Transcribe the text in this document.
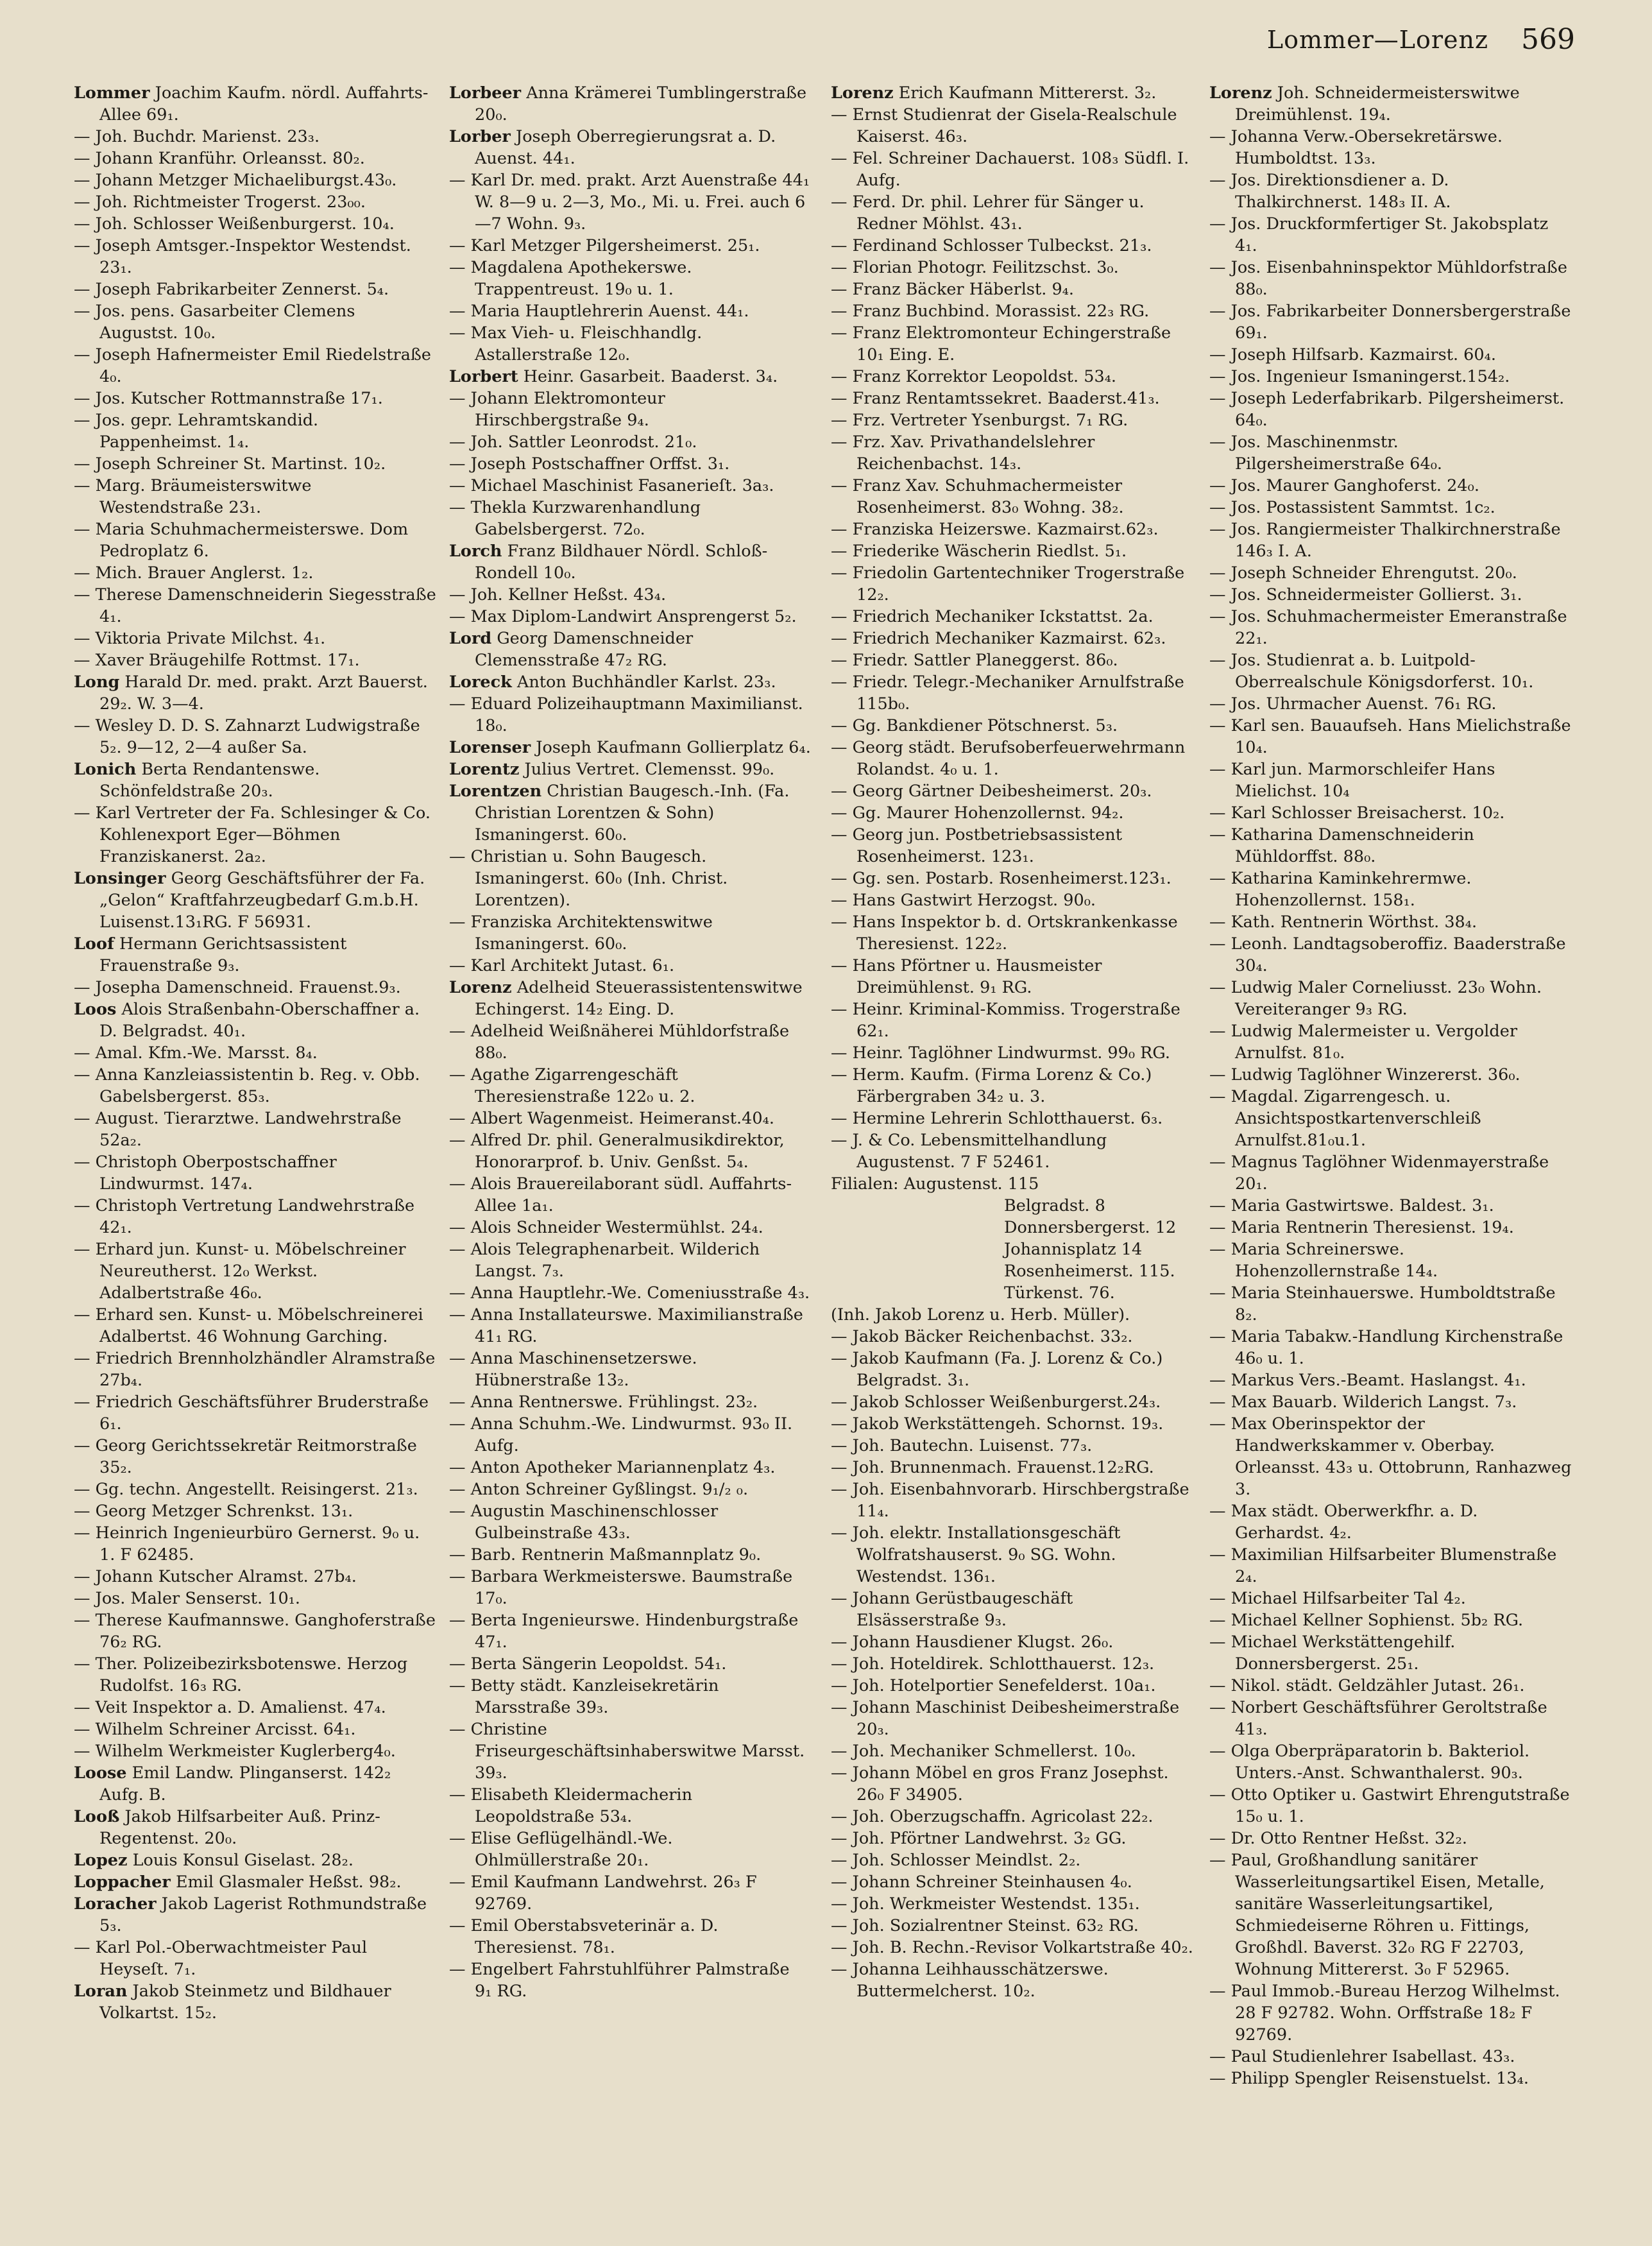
Lommer—Lorenz 569

Lommer Joachim Kaufm. nördl. Auffahrts-Allee 69₁.

— Joh. Buchdr. Marienst. 23₃.

— Johann Kranführ. Orleansst. 80₂.

— Johann Metzger Michaeliburgst.43₀.

— Joh. Richtmeister Trogerst. 23₀₀.

— Joh. Schlosser Weißenburgerst. 10₄.

— Joseph Amtsger.-Inspektor Westendst. 23₁.

— Joseph Fabrikarbeiter Zennerst. 5₄.

— Jos. pens. Gasarbeiter Clemens Augustst. 10₀.

— Joseph Hafnermeister Emil Riedelstraße 4₀.

— Jos. Kutscher Rottmannstraße 17₁.

— Jos. gepr. Lehramtskandid. Pappenheimst. 1₄.

— Joseph Schreiner St. Martinst. 10₂.

— Marg. Bräumeisterswitwe Westendstraße 23₁.

— Maria Schuhmachermeisterswe. Dom Pedroplatz 6.

— Mich. Brauer Anglerst. 1₂.

— Therese Damenschneiderin Siegesstraße 4₁.

— Viktoria Private Milchst. 4₁.

— Xaver Bräugehilfe Rottmst. 17₁.

Long Harald Dr. med. prakt. Arzt Bauerst. 29₂. W. 3—4.

— Wesley D. D. S. Zahnarzt Ludwigstraße 5₂. 9—12, 2—4 außer Sa.

Lonich Berta Rendantenswe. Schönfeldstraße 20₃.

— Karl Vertreter der Fa. Schlesinger & Co. Kohlenexport Eger—Böhmen Franziskanerst. 2a₂.

Lonsinger Georg Geschäftsführer der Fa. „Gelon“ Kraftfahrzeugbedarf G.m.b.H. Luisenst.13₁RG. F 56931.

Loof Hermann Gerichtsassistent Frauenstraße 9₃.

— Josepha Damenschneid. Frauenst.9₃.

Loos Alois Straßenbahn-Oberschaffner a. D. Belgradst. 40₁.

— Amal. Kfm.-We. Marsst. 8₄.

— Anna Kanzleiassistentin b. Reg. v. Obb. Gabelsbergerst. 85₃.

— August. Tierarztwe. Landwehrstraße 52a₂.

— Christoph Oberpostschaffner Lindwurmst. 147₄.

— Christoph Vertretung Landwehrstraße 42₁.

— Erhard jun. Kunst- u. Möbelschreiner Neureutherst. 12₀ Werkst. Adalbertstraße 46₀.

— Erhard sen. Kunst- u. Möbelschreinerei Adalbertst. 46 Wohnung Garching.

— Friedrich Brennholzhändler Alramstraße 27b₄.

— Friedrich Geschäftsführer Bruderstraße 6₁.

— Georg Gerichtssekretär Reitmorstraße 35₂.

— Gg. techn. Angestellt. Reisingerst. 21₃.

— Georg Metzger Schrenkst. 13₁.

— Heinrich Ingenieurbüro Gernerst. 9₀ u. 1. F 62485.

— Johann Kutscher Alramst. 27b₄.

— Jos. Maler Senserst. 10₁.

— Therese Kaufmannswe. Ganghoferstraße 76₂ RG.

— Ther. Polizeibezirksbotenswe. Herzog Rudolfst. 16₃ RG.

— Veit Inspektor a. D. Amalienst. 47₄.

— Wilhelm Schreiner Arcisst. 64₁.

— Wilhelm Werkmeister Kuglerberg4₀.

Loose Emil Landw. Plinganserst. 142₂ Aufg. B.

Looß Jakob Hilfsarbeiter Auß. Prinz-Regentenst. 20₀.

Lopez Louis Konsul Giselast. 28₂.

Loppacher Emil Glasmaler Heßst. 98₂.

Loracher Jakob Lagerist Rothmundstraße 5₃.

— Karl Pol.-Oberwachtmeister Paul Heyseſt. 7₁.

Loran Jakob Steinmetz und Bildhauer Volkartst. 15₂.

Lorbeer Anna Krämerei Tumblingerstraße 20₀.

Lorber Joseph Oberregierungsrat a. D. Auenst. 44₁.

— Karl Dr. med. prakt. Arzt Auenstraße 44₁ W. 8—9 u. 2—3, Mo., Mi. u. Frei. auch 6—7 Wohn. 9₃.

— Karl Metzger Pilgersheimerst. 25₁.

— Magdalena Apothekerswe. Trappentreust. 19₀ u. 1.

— Maria Hauptlehrerin Auenst. 44₁.

— Max Vieh- u. Fleischhandlg. Astallerstraße 12₀.

Lorbert Heinr. Gasarbeit. Baaderst. 3₄.

— Johann Elektromonteur Hirschbergstraße 9₄.

— Joh. Sattler Leonrodst. 21₀.

— Joseph Postschaffner Orffst. 3₁.

— Michael Maschinist Fasanerieſt. 3a₃.

— Thekla Kurzwarenhandlung Gabelsbergerst. 72₀.

Lorch Franz Bildhauer Nördl. Schloß-Rondell 10₀.

— Joh. Kellner Heßst. 43₄.

— Max Diplom-Landwirt Ansprengerst 5₂.

Lord Georg Damenschneider Clemensstraße 47₂ RG.

Loreck Anton Buchhändler Karlst. 23₃.

— Eduard Polizeihauptmann Maximilianst. 18₀.

Lorenser Joseph Kaufmann Gollierplatz 6₄.

Lorentz Julius Vertret. Clemensst. 99₀.

Lorentzen Christian Baugesch.-Inh. (Fa. Christian Lorentzen & Sohn) Ismaningerst. 60₀.

— Christian u. Sohn Baugesch. Ismaningerst. 60₀ (Inh. Christ. Lorentzen).

— Franziska Architektenswitwe Ismaningerst. 60₀.

— Karl Architekt Jutast. 6₁.

Lorenz Adelheid Steuerassistentenswitwe Echingerst. 14₂ Eing. D.

— Adelheid Weißnäherei Mühldorfstraße 88₀.

— Agathe Zigarrengeschäft Theresienstraße 122₀ u. 2.

— Albert Wagenmeist. Heimeranst.40₄.

— Alfred Dr. phil. Generalmusikdirektor, Honorarprof. b. Univ. Genßst. 5₄.

— Alois Brauereilaborant südl. Auffahrts-Allee 1a₁.

— Alois Schneider Westermühlst. 24₄.

— Alois Telegraphenarbeit. Wilderich Langst. 7₃.

— Anna Hauptlehr.-We. Comeniusstraße 4₃.

— Anna Installateurswe. Maximilianstraße 41₁ RG.

— Anna Maschinensetzerswe. Hübnerstraße 13₂.

— Anna Rentnerswe. Frühlingst. 23₂.

— Anna Schuhm.-We. Lindwurmst. 93₀ II. Aufg.

— Anton Apotheker Mariannenplatz 4₃.

— Anton Schreiner Gyßlingst. 9₁/₂ ₀.

— Augustin Maschinenschlosser Gulbeinstraße 43₃.

— Barb. Rentnerin Maßmannplatz 9₀.

— Barbara Werkmeisterswe. Baumstraße 17₀.

— Berta Ingenieurswe. Hindenburgstraße 47₁.

— Berta Sängerin Leopoldst. 54₁.

— Betty städt. Kanzleisekretärin Marsstraße 39₃.

— Christine Friseurgeschäftsinhaberswitwe Marsst. 39₃.

— Elisabeth Kleidermacherin Leopoldstraße 53₄.

— Elise Geflügelhändl.-We. Ohlmüllerstraße 20₁.

— Emil Kaufmann Landwehrst. 26₃ F 92769.

— Emil Oberstabsveterinär a. D. Theresienst. 78₁.

— Engelbert Fahrstuhlführer Palmstraße 9₁ RG.

Lorenz Erich Kaufmann Mittererst. 3₂.

— Ernst Studienrat der Gisela-Realschule Kaiserst. 46₃.

— Fel. Schreiner Dachauerst. 108₃ Südfl. I. Aufg.

— Ferd. Dr. phil. Lehrer für Sänger u. Redner Möhlst. 43₁.

— Ferdinand Schlosser Tulbeckst. 21₃.

— Florian Photogr. Feilitzschst. 3₀.

— Franz Bäcker Häberlst. 9₄.

— Franz Buchbind. Morassist. 22₃ RG.

— Franz Elektromonteur Echingerstraße 10₁ Eing. E.

— Franz Korrektor Leopoldst. 53₄.

— Franz Rentamtssekret. Baaderst.41₃.

— Frz. Vertreter Ysenburgst. 7₁ RG.

— Frz. Xav. Privathandelslehrer Reichenbachst. 14₃.

— Franz Xav. Schuhmachermeister Rosenheimerst. 83₀ Wohng. 38₂.

— Franziska Heizerswe. Kazmairst.62₃.

— Friederike Wäscherin Riedlst. 5₁.

— Friedolin Gartentechniker Trogerstraße 12₂.

— Friedrich Mechaniker Ickstattst. 2a.

— Friedrich Mechaniker Kazmairst. 62₃.

— Friedr. Sattler Planeggerst. 86₀.

— Friedr. Telegr.-Mechaniker Arnulfstraße 115b₀.

— Gg. Bankdiener Pötschnerst. 5₃.

— Georg städt. Berufsoberfeuerwehrmann Rolandst. 4₀ u. 1.

— Georg Gärtner Deibesheimerst. 20₃.

— Gg. Maurer Hohenzollernst. 94₂.

— Georg jun. Postbetriebsassistent Rosenheimerst. 123₁.

— Gg. sen. Postarb. Rosenheimerst.123₁.

— Hans Gastwirt Herzogst. 90₀.

— Hans Inspektor b. d. Ortskrankenkasse Theresienst. 122₂.

— Hans Pförtner u. Hausmeister Dreimühlenst. 9₁ RG.

— Heinr. Kriminal-Kommiss. Trogerstraße 62₁.

— Heinr. Taglöhner Lindwurmst. 99₀ RG.

— Herm. Kaufm. (Firma Lorenz & Co.) Färbergraben 34₂ u. 3.

— Hermine Lehrerin Schlotthauerst. 6₃.

— J. & Co. Lebensmittelhandlung Augustenst. 7 F 52461.

Filialen: Augustenst. 115

Belgradst. 8

Donnersbergerst. 12

Johannisplatz 14

Rosenheimerst. 115.

Türkenst. 76.

(Inh. Jakob Lorenz u. Herb. Müller).

— Jakob Bäcker Reichenbachst. 33₂.

— Jakob Kaufmann (Fa. J. Lorenz & Co.) Belgradst. 3₁.

— Jakob Schlosser Weißenburgerst.24₃.

— Jakob Werkstättengeh. Schornst. 19₃.

— Joh. Bautechn. Luisenst. 77₃.

— Joh. Brunnenmach. Frauenst.12₂RG.

— Joh. Eisenbahnvorarb. Hirschbergstraße 11₄.

— Joh. elektr. Installationsgeschäft Wolfratshauserst. 9₀ SG. Wohn. Westendst. 136₁.

— Johann Gerüstbaugeschäft Elsässerstraße 9₃.

— Johann Hausdiener Klugst. 26₀.

— Joh. Hoteldirek. Schlotthauerst. 12₃.

— Joh. Hotelportier Senefelderst. 10a₁.

— Johann Maschinist Deibesheimerstraße 20₃.

— Joh. Mechaniker Schmellerst. 10₀.

— Johann Möbel en gros Franz Josephst. 26₀ F 34905.

— Joh. Oberzugschaffn. Agricolast 22₂.

— Joh. Pförtner Landwehrst. 3₂ GG.

— Joh. Schlosser Meindlst. 2₂.

— Johann Schreiner Steinhausen 4₀.

— Joh. Werkmeister Westendst. 135₁.

— Joh. Sozialrentner Steinst. 63₂ RG.

— Joh. B. Rechn.-Revisor Volkartstraße 40₂.

— Johanna Leihhausschätzerswe. Buttermelcherst. 10₂.

Lorenz Joh. Schneidermeisterswitwe Dreimühlenst. 19₄.

— Johanna Verw.-Obersekretärswe. Humboldtst. 13₃.

— Jos. Direktionsdiener a. D. Thalkirchnerst. 148₃ II. A.

— Jos. Druckformfertiger St. Jakobsplatz 4₁.

— Jos. Eisenbahninspektor Mühldorfstraße 88₀.

— Jos. Fabrikarbeiter Donnersbergerstraße 69₁.

— Joseph Hilfsarb. Kazmairst. 60₄.

— Jos. Ingenieur Ismaningerst.154₂.

— Joseph Lederfabrikarb. Pilgersheimerst. 64₀.

— Jos. Maschinenmstr. Pilgersheimerstraße 64₀.

— Jos. Maurer Ganghoferst. 24₀.

— Jos. Postassistent Sammtst. 1c₂.

— Jos. Rangiermeister Thalkirchnerstraße 146₃ I. A.

— Joseph Schneider Ehrengutst. 20₀.

— Jos. Schneidermeister Gollierst. 3₁.

— Jos. Schuhmachermeister Emeranstraße 22₁.

— Jos. Studienrat a. b. Luitpold-Oberrealschule Königsdorferst. 10₁.

— Jos. Uhrmacher Auenst. 76₁ RG.

— Karl sen. Bauaufseh. Hans Mielichstraße 10₄.

— Karl jun. Marmorschleifer Hans Mielichst. 10₄

— Karl Schlosser Breisacherst. 10₂.

— Katharina Damenschneiderin Mühldorffst. 88₀.

— Katharina Kaminkehrermwe. Hohenzollernst. 158₁.

— Kath. Rentnerin Wörthst. 38₄.

— Leonh. Landtagsoberoffiz. Baaderstraße 30₄.

— Ludwig Maler Corneliusst. 23₀ Wohn. Vereiteranger 9₃ RG.

— Ludwig Malermeister u. Vergolder Arnulfst. 81₀.

— Ludwig Taglöhner Winzererst. 36₀.

— Magdal. Zigarrengesch. u. Ansichtspostkartenverschleiß Arnulfst.81₀u.1.

— Magnus Taglöhner Widenmayerstraße 20₁.

— Maria Gastwirtswe. Baldest. 3₁.

— Maria Rentnerin Theresienst. 19₄.

— Maria Schreinerswe. Hohenzollernstraße 14₄.

— Maria Steinhauerswe. Humboldtstraße 8₂.

— Maria Tabakw.-Handlung Kirchenstraße 46₀ u. 1.

— Markus Vers.-Beamt. Haslangst. 4₁.

— Max Bauarb. Wilderich Langst. 7₃.

— Max Oberinspektor der Handwerkskammer v. Oberbay. Orleansst. 43₃ u. Ottobrunn, Ranhazweg 3.

— Max städt. Oberwerkfhr. a. D. Gerhardst. 4₂.

— Maximilian Hilfsarbeiter Blumenstraße 2₄.

— Michael Hilfsarbeiter Tal 4₂.

— Michael Kellner Sophienst. 5b₂ RG.

— Michael Werkstättengehilf. Donnersbergerst. 25₁.

— Nikol. städt. Geldzähler Jutast. 26₁.

— Norbert Geschäftsführer Geroltstraße 41₃.

— Olga Oberpräparatorin b. Bakteriol. Unters.-Anst. Schwanthalerst. 90₃.

— Otto Optiker u. Gastwirt Ehrengutstraße 15₀ u. 1.

— Dr. Otto Rentner Heßst. 32₂.

— Paul, Großhandlung sanitärer Wasserleitungsartikel Eisen, Metalle, sanitäre Wasserleitungsartikel, Schmiedeiserne Röhren u. Fittings, Großhdl. Baverst. 32₀ RG F 22703, Wohnung Mittererst. 3₀ F 52965.

— Paul Immob.-Bureau Herzog Wilhelmst. 28 F 92782. Wohn. Orffstraße 18₂ F 92769.

— Paul Studienlehrer Isabellast. 43₃.

— Philipp Spengler Reisenstuelst. 13₄.
